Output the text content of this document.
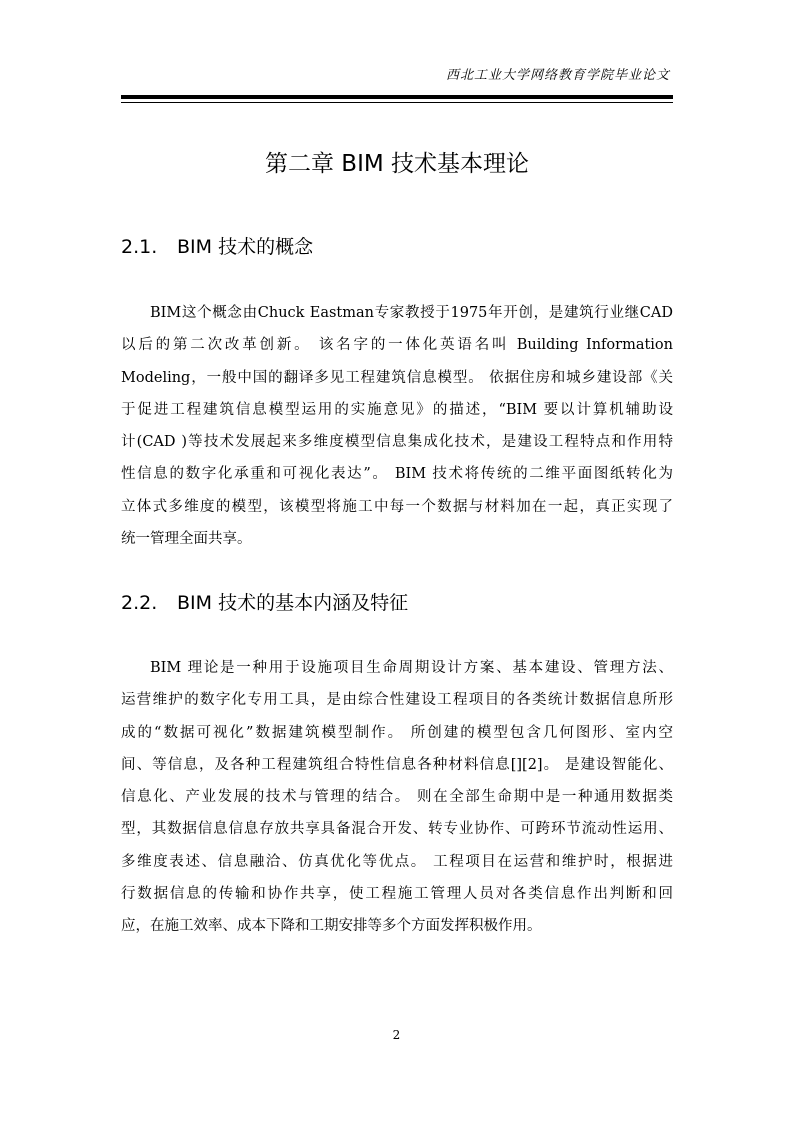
西北工业大学网络教育学院毕业论文
第二章 BIM 技术基本理论
2.1. BIM 技术的概念
BIM这个概念由Chuck Eastman专家教授于1975年开创，是建筑行业继CAD
以后的第二次改革创新。 该名字的一体化英语名叫 Building Information
Modeling，一般中国的翻译多见工程建筑信息模型。 依据住房和城乡建设部《关
于促进工程建筑信息模型运用的实施意见》的描述，“BIM 要以计算机辅助设
计(CAD )等技术发展起来多维度模型信息集成化技术，是建设工程特点和作用特
性信息的数字化承重和可视化表达”。 BIM 技术将传统的二维平面图纸转化为
立体式多维度的模型，该模型将施工中每一个数据与材料加在一起，真正实现了
统一管理全面共享。
2.2. BIM 技术的基本内涵及特征
BIM 理论是一种用于设施项目生命周期设计方案、基本建设、管理方法、
运营维护的数字化专用工具，是由综合性建设工程项目的各类统计数据信息所形
成的“数据可视化”数据建筑模型制作。 所创建的模型包含几何图形、室内空
间、等信息，及各种工程建筑组合特性信息各种材料信息[][2]。 是建设智能化、
信息化、产业发展的技术与管理的结合。 则在全部生命期中是一种通用数据类
型，其数据信息信息存放共享具备混合开发、转专业协作、可跨环节流动性运用、
多维度表述、信息融洽、仿真优化等优点。 工程项目在运营和维护时，根据进
行数据信息的传输和协作共享，使工程施工管理人员对各类信息作出判断和回
应，在施工效率、成本下降和工期安排等多个方面发挥积极作用。
2
